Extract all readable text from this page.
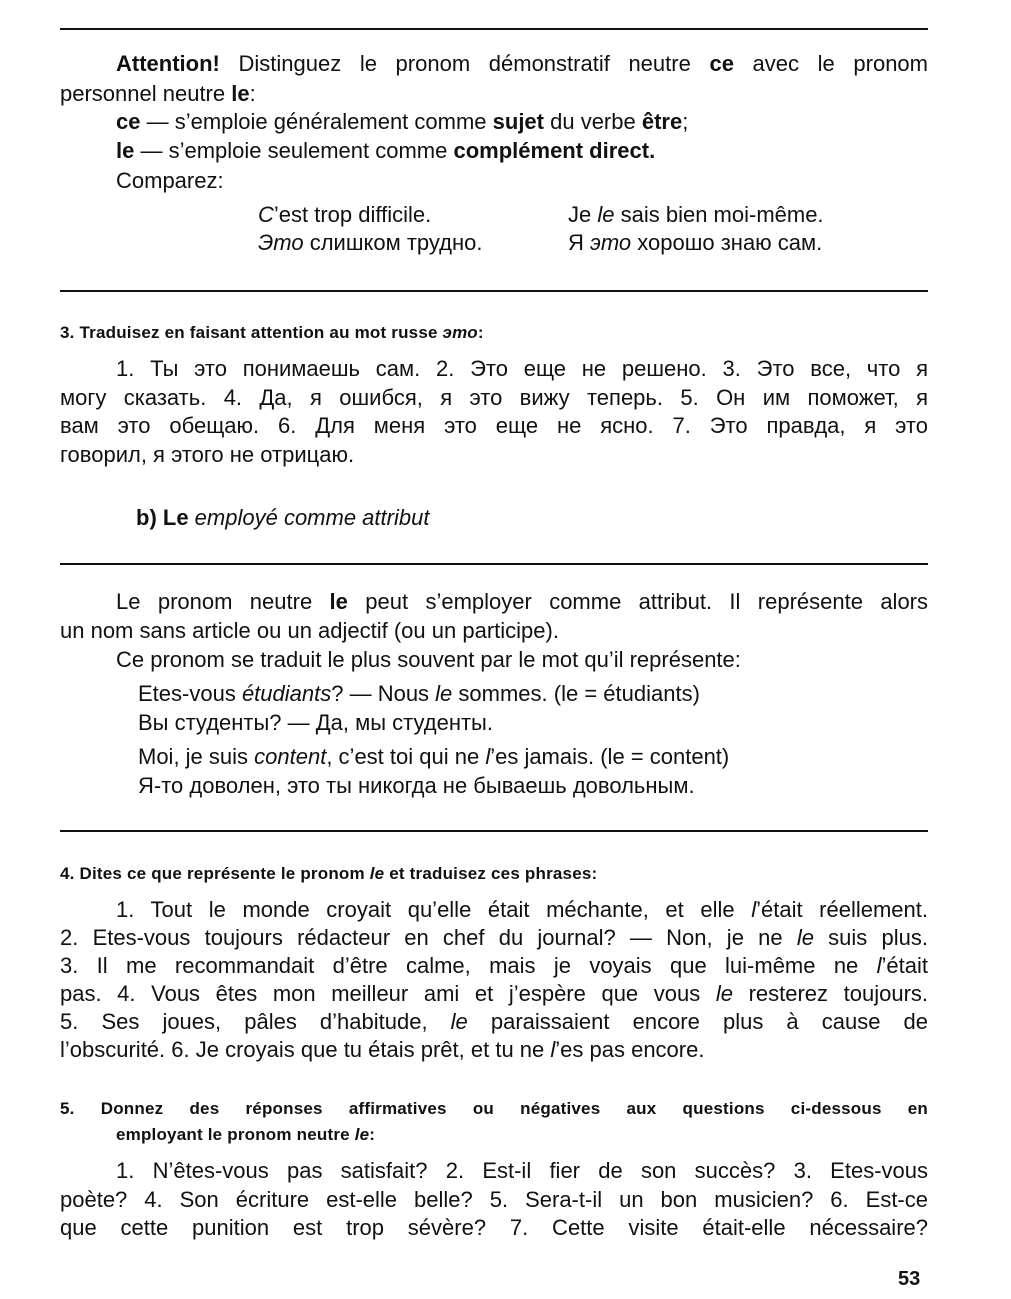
Attention! Distinguez le pronom démonstratif neutre ce avec le pronom
personnel neutre le:
ce — s’emploie généralement comme sujet du verbe être;
le — s’emploie seulement comme complément direct.
Comparez:
C’est trop difficile.
Это слишком трудно.
Je le sais bien moi-même.
Я это хорошо знаю сам.
3. Traduisez en faisant attention au mot russe это:
1. Ты это понимаешь сам. 2. Это еще не решено. 3. Это все, что я
могу сказать. 4. Да, я ошибся, я это вижу теперь. 5. Он им поможет, я
вам это обещаю. 6. Для меня это еще не ясно. 7. Это правда, я это
говорил, я этого не отрицаю.
b) Le employé comme attribut
Le pronom neutre le peut s’employer comme attribut. Il représente alors
un nom sans article ou un adjectif (ou un participe).
Ce pronom se traduit le plus souvent par le mot qu’il représente:
Etes-vous étudiants? — Nous le sommes. (le = étudiants)
Вы студенты? — Да, мы студенты.
Moi, je suis content, c’est toi qui ne l’es jamais. (le = content)
Я-то доволен, это ты никогда не бываешь довольным.
4. Dites ce que représente le pronom le et traduisez ces phrases:
1. Tout le monde croyait qu’elle était méchante, et elle l’était réellement.
2. Etes-vous toujours rédacteur en chef du journal? — Non, je ne le suis plus.
3. Il me recommandait d’être calme, mais je voyais que lui-même ne l’était
pas. 4. Vous êtes mon meilleur ami et j’espère que vous le resterez toujours.
5. Ses joues, pâles d’habitude, le paraissaient encore plus à cause de
l’obscurité. 6. Je croyais que tu étais prêt, et tu ne l’es pas encore.
5. Donnez des réponses affirmatives ou négatives aux questions ci-dessous en
employant le pronom neutre le:
1. N’êtes-vous pas satisfait? 2. Est-il fier de son succès? 3. Etes-vous
poète? 4. Son écriture est-elle belle? 5. Sera-t-il un bon musicien? 6. Est-ce
que cette punition est trop sévère? 7. Cette visite était-elle nécessaire?
53
